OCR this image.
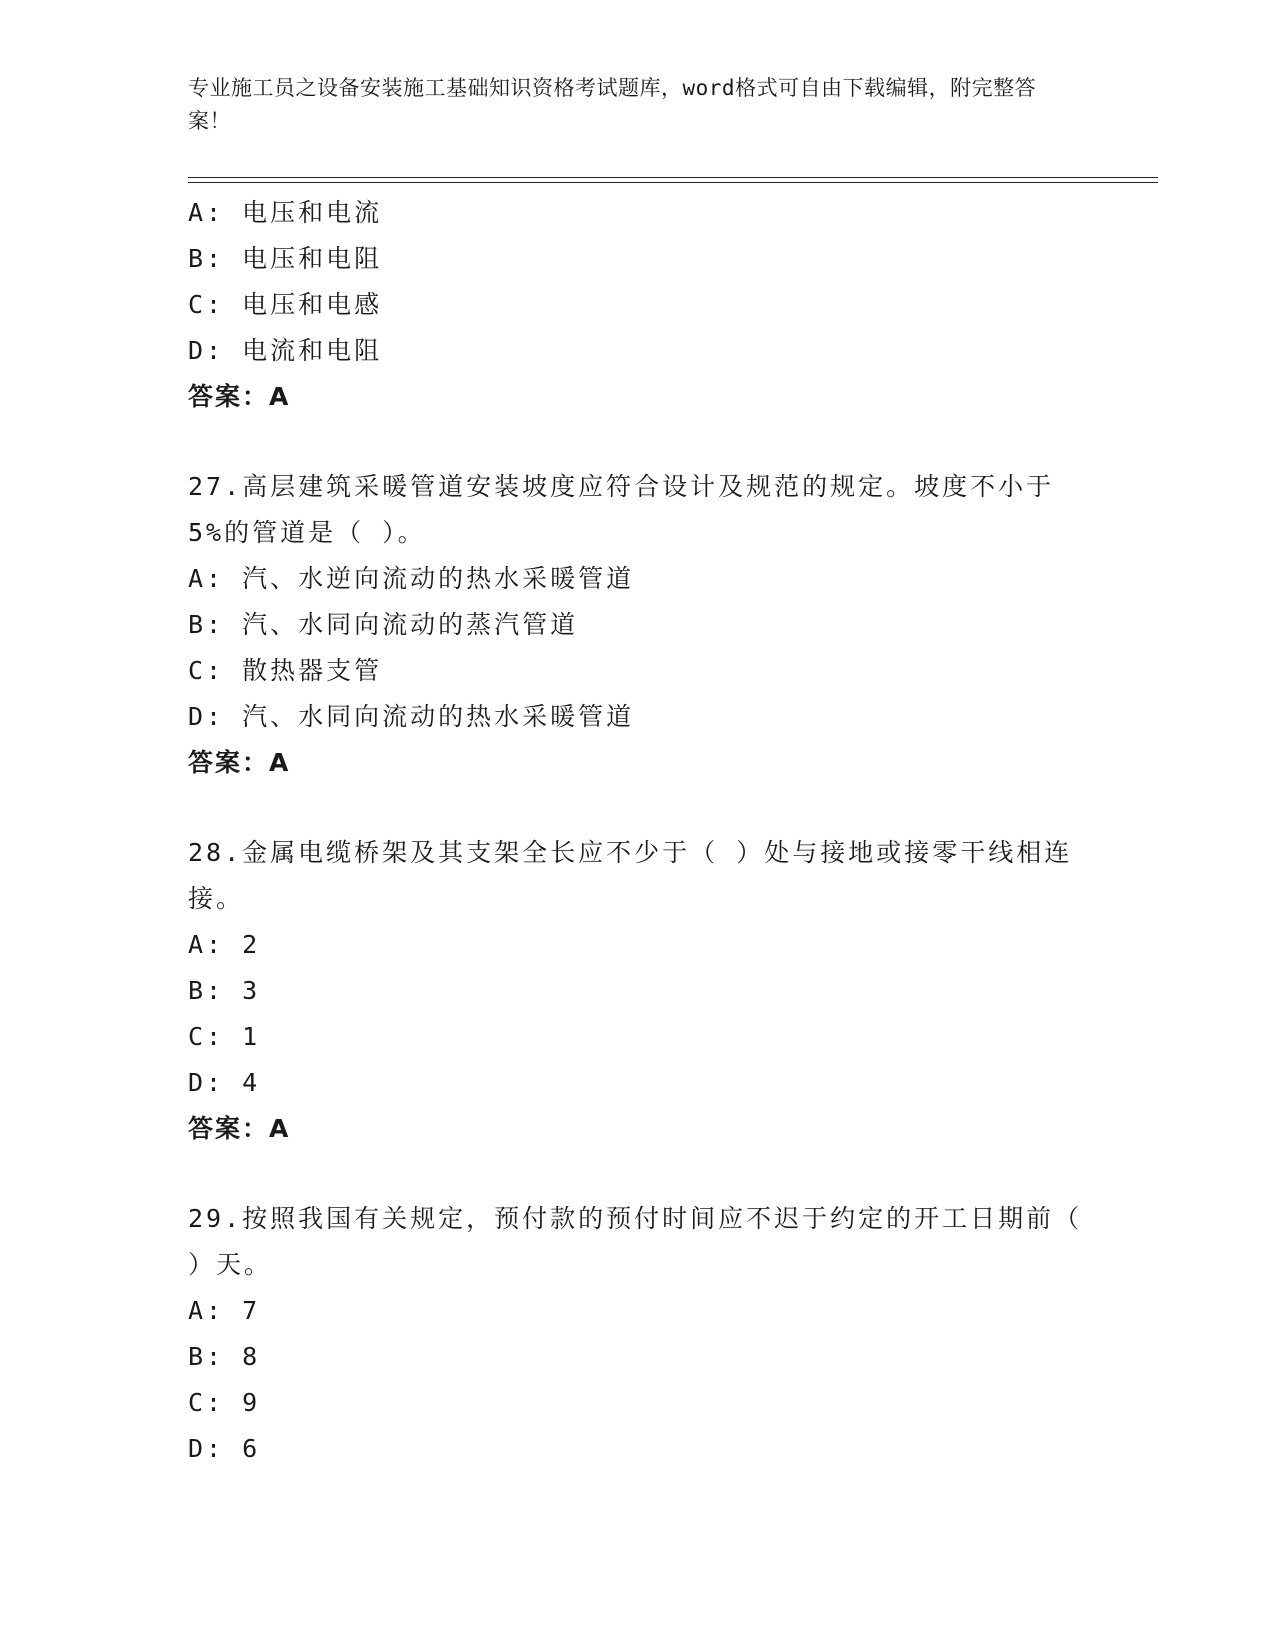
专业施工员之设备安装施工基础知识资格考试题库，word格式可自由下载编辑，附完整答案！
A: 电压和电流
B: 电压和电阻
C: 电压和电感
D: 电流和电阻
答案：A
27.高层建筑采暖管道安装坡度应符合设计及规范的规定。坡度不小于5%的管道是（ ）。
A: 汽、水逆向流动的热水采暖管道
B: 汽、水同向流动的蒸汽管道
C: 散热器支管
D: 汽、水同向流动的热水采暖管道
答案：A
28.金属电缆桥架及其支架全长应不少于（ ）处与接地或接零干线相连接。
A: 2
B: 3
C: 1
D: 4
答案：A
29.按照我国有关规定，预付款的预付时间应不迟于约定的开工日期前（ ）天。
A: 7
B: 8
C: 9
D: 6
